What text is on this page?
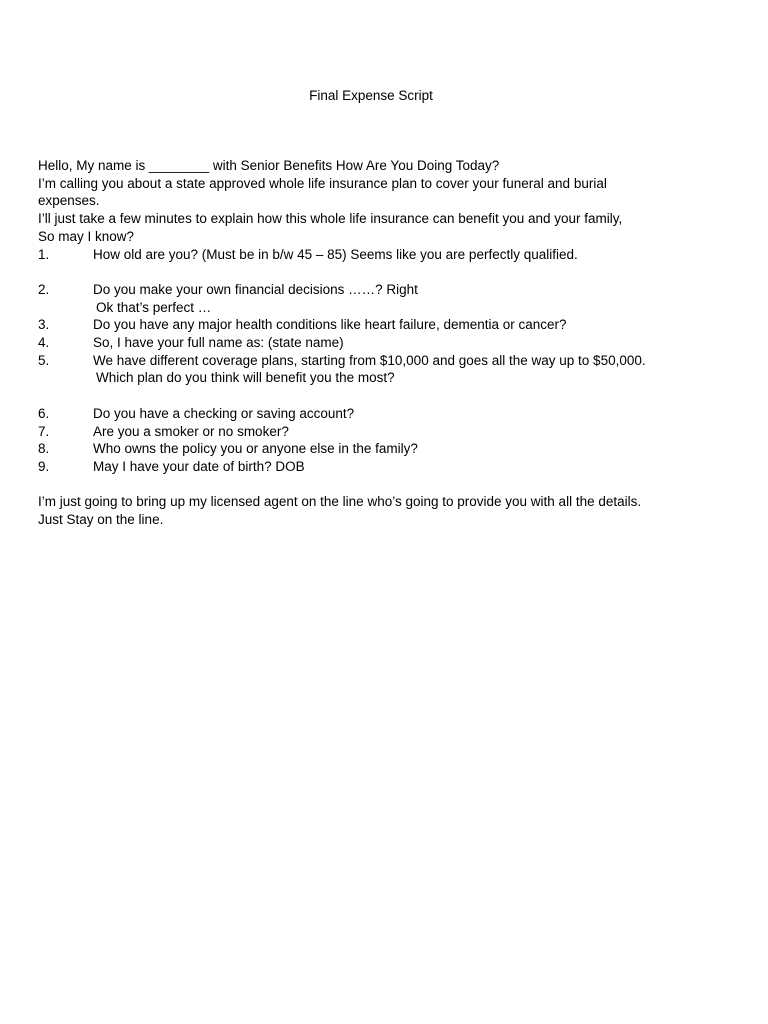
Final Expense Script

Hello, My name is ________ with Senior Benefits How Are You Doing Today?

I’m calling you about a state approved whole life insurance plan to cover your funeral and burial

expenses.

I’ll just take a few minutes to explain how this whole life insurance can benefit you and your family,

So may I know?

1.	How old are you? (Must be in b/w 45 – 85) Seems like you are perfectly qualified.
2.	Do you make your own financial decisions ……? Right

Ok that’s perfect …

3.	Do you have any major health conditions like heart failure, dementia or cancer?
4.	So, I have your full name as: (state name)
5.	We have different coverage plans, starting from $10,000 and goes all the way up to $50,000.

Which plan do you think will benefit you the most?

6.	Do you have a checking or saving account?
7.	Are you a smoker or no smoker?
8.	Who owns the policy you or anyone else in the family?
9.	May I have your date of birth? DOB

I’m just going to bring up my licensed agent on the line who’s going to provide you with all the details.

Just Stay on the line.
